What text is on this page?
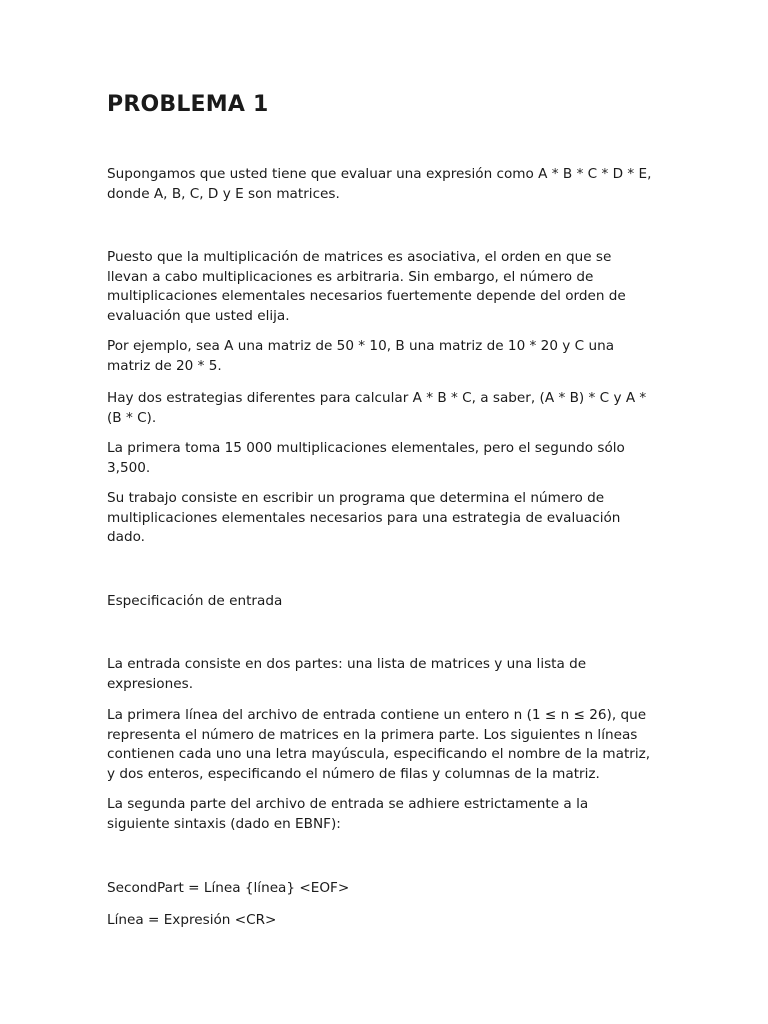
PROBLEMA 1

Supongamos que usted tiene que evaluar una expresión como A * B * C * D * E,
donde A, B, C, D y E son matrices.

Puesto que la multiplicación de matrices es asociativa, el orden en que se
llevan a cabo multiplicaciones es arbitraria. Sin embargo, el número de
multiplicaciones elementales necesarios fuertemente depende del orden de
evaluación que usted elija.

Por ejemplo, sea A una matriz de 50 * 10, B una matriz de 10 * 20 y C una
matriz de 20 * 5.

Hay dos estrategias diferentes para calcular A * B * C, a saber, (A * B) * C y A *
(B * C).

La primera toma 15 000 multiplicaciones elementales, pero el segundo sólo
3,500.

Su trabajo consiste en escribir un programa que determina el número de
multiplicaciones elementales necesarios para una estrategia de evaluación
dado.

Especificación de entrada

La entrada consiste en dos partes: una lista de matrices y una lista de
expresiones.

La primera línea del archivo de entrada contiene un entero n (1 ≤ n ≤ 26), que
representa el número de matrices en la primera parte. Los siguientes n líneas
contienen cada uno una letra mayúscula, especificando el nombre de la matriz,
y dos enteros, especificando el número de filas y columnas de la matriz.

La segunda parte del archivo de entrada se adhiere estrictamente a la
siguiente sintaxis (dado en EBNF):

SecondPart = Línea {línea} <EOF>

Línea = Expresión <CR>
